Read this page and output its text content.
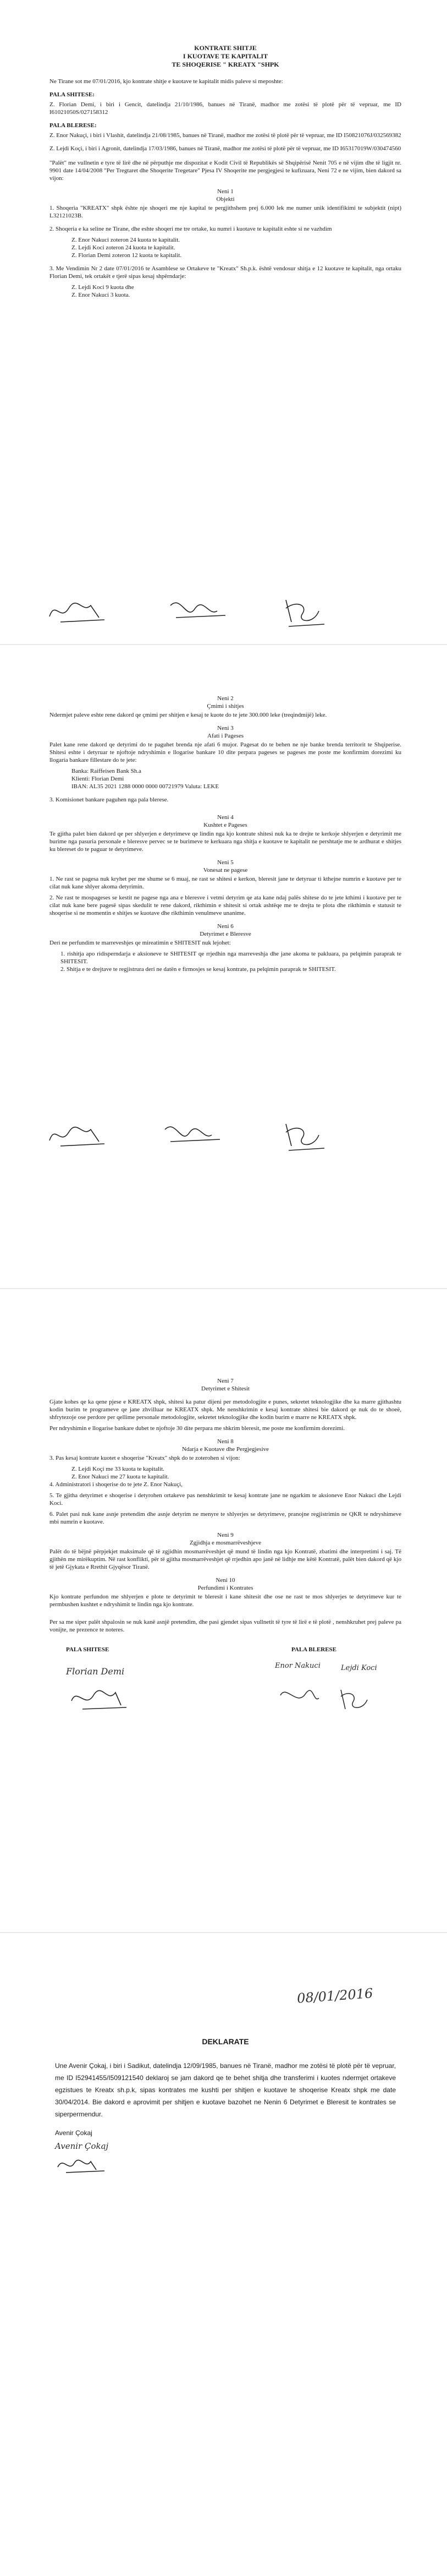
KONTRATE SHITJE
I KUOTAVE TE KAPITALIT
TE SHOQERISE " KREATX "SHPK

Ne Tirane sot me 07/01/2016, kjo kontrate shitje e kuotave te kapitalit midis paleve si meposhte:

PALA SHITESE:

Z. Florian Demi, i biri i Gencit, datelindja 21/10/1986, banues në Tiranë, madhor me zotësi të plotë për të vepruar, me ID I61021050S/027158312

PALA BLERESE:

Z. Enor Nakuçi, i biri i Vlashit, datelindja 21/08/1985, banues në Tiranë, madhor me zotësi të plotë për të vepruar, me ID I50821076J/032569382

Z. Lejdi Koçi, i biri i Agronit, datelindja 17/03/1986, banues në Tiranë, madhor me zotësi të plotë për të vepruar, me ID I65317019W/030474560

"Palët" me vullnetin e tyre të lirë dhe në përputhje me dispozitat e Kodit Civil të Republikës së Shqipërisë Nenit 705 e në vijim dhe të ligjit nr. 9901 date 14/04/2008 "Per Tregtaret dhe Shoqerite Tregetare" Pjesa IV Shoqerite me pergjegjesi te kufizuara, Neni 72 e ne vijim, bien dakord sa vijon:

Neni 1
Objekti

1. Shoqeria "KREATX" shpk ёshte nje shoqeri me nje kapital te pergjithshem prej 6.000 lek me numer unik identifikimi te subjektit (nipt) L32121023B.

2. Shoqeria e ka seline ne Tirane, dhe eshte shoqeri me tre ortake, ku numri i kuotave te kapitalit eshte si ne vazhdim

Z. Enor Nakuci zoteron 24 kuota te kapitalit.
Z. Lejdi Koci zoteron 24 kuota te kapitalit.
Z. Florian Demi zoteron 12 kuota te kapitalit.

3. Me Vendimin Nr 2 date 07/01/2016 te Asamblese se Ortakeve te "Kreatx" Sh.p.k. është vendosur shitja e 12 kuotave te kapitalit, nga ortaku Florian Demi, tek ortakët e tjerë sipas kesaj shpërndarje:

Z. Lejdi Koci 9 kuota dhe
Z. Enor Nakuci 3 kuota.
Neni 2
Çmimi i shitjes

Ndermjet paleve eshte rene dakord qe çmimi per shitjen e kesaj te kuote do te jete 300.000 leke (treqindmijë) leke.

Neni 3
Afati i Pageses

Palet kane rene dakord qe detyrimi do te paguhet brenda nje afati 6 mujor. Pagesat do te behen ne nje banke brenda territorit te Shqiperise. Shitesi eshte i detyruar te njoftoje ndryshimin e llogarise bankare 10 dite perpara pageses se pageses me poste me konfirmim dorezimi ku llogaria bankare fillestare do te jete:

Banka: Raiffeisen Bank Sh.a
Klienti: Florian Demi
IBAN: AL35 2021 1288 0000 0000 00721979 Valuta: LEKE

3. Komisionet bankare paguhen nga pala blerese.

Neni 4
Kushtet e Pageses

Te gjitha palet bien dakord qe per shlyerjen e detyrimeve qe lindin nga kjo kontrate shitesi nuk ka te drejte te kerkoje shlyerjen e detyrimit me burime nga pasuria personale e bleresve pervec se te burimeve te kerkuara nga shitja e kuotave te kapitalit ne pershtatje me te ardhurat e shitjes ku blereset do te paguar te detyrimeve.

Neni 5
Vonesat ne pagese

1. Ne rast se pagesa nuk kryhet per me shume se 6 muaj, ne rast se shitesi e kerkon, bleresit jane te detyruar ti kthejne numrin e kuotave per te cilat nuk kane shlyer akoma detyrimin.

2. Ne rast te mospageses se kestit ne pagese nga ana e bleresve i vetmi detyrim qe ata kane ndaj palës shitese do te jete kthimi i kuotave per te cilat nuk kane bere pagesë sipas skedulit te rene dakord, rikthimin e shitesit si ortak ashtëqe me te drejta te plota dhe rikthimin e statusit te shoqerise si ne momentin e shitjes se kuotave dhe rikthimin venulmeve unanime.

Neni 6
Detyrimet e Bleresve

Deri ne perfundim te marreveshjes qe mireatimin e SHITESIT nuk lejohet:

1. rishitja apo ridisperndarja e aksioneve te SHITESIT qe rrjedhin nga marreveshja dhe jane akoma te pakluara, pa pelqimin paraprak te SHITESIT.
2. Shitja e te drejtave te regjistrura deri ne datën e firmosjes se kesaj kontrate, pa pelqimin paraprak te SHITESIT.
Neni 7
Detyrimet e Shitesit

Gjate kohes qe ka qene pjese e KREATX shpk, shitesi ka patur dijeni per metodologjite e punes, sekretet teknologjike dhe ka marre gjithashtu kodin burim te programeve qe jane zhvilluar ne KREATX shpk. Me nenshkrimin e kesaj kontrate shitesi bie dakord qe nuk do te shoeë, shfrytezoje ose perdore per qellime personale metodologjite, sekretet teknologjike dhe kodin burim e marre ne KREATX shpk.

Per ndryshimin e llogarise bankare dubet te njoftoje 30 dite perpara me shkrim bleresit, me poste me konfirmim dorezimi.

Neni 8
Ndarja e Kuotave dhe Pergjegjesive

3. Pas kesaj kontrate kuotet e shoqerise "Kreatx" shpk do te zoterohen si vijon:

Z. Lejdi Koçi me 33 kuota te kapitalit.
Z. Enor Nakuci me 27 kuota te kapitalit.

4. Administratori i shoqerise do te jete Z. Enor Nakuçi,

5. Te gjitha detyrimet e shoqerise i detyrohen ortakeve pas nenshkrimit te kesaj kontrate jane ne ngarkim te aksioneve Enor Nakuci dhe Lejdi Koci.

6. Palet pasi nuk kane asnje pretendim dhe asnje detyrim ne menyre te shlyerjes se detyrimeve, pranojne regjistrimin ne QKR te ndryshimeve mbi numrin e kuotave.

Neni 9
Zgjidhja e mosmarrëveshjeve

Palët do të bëjnë përpjekjet maksimale që të zgjidhin mosmarrëveshjet që mund të lindin nga kjo Kontratë, zbatimi dhe interpretimi i saj. Të gjithën me mirëkuptim. Në rast konflikti, për të gjitha mosmarrëveshjet që rrjedhin apo janë në lidhje me këtë Kontratë, palët bien dakord që kjo të jetë Gjykata e Rrethit Gjyqësor Tiranë.

Neni 10
Perfundimi i Kontrates

Kjo kontrate perfundon me shlyerjen e plote te detyrimit te bleresit i kane shitesit dhe ose ne rast te mos shlyerjes te detyrimeve kur te permbushen kushtet e ndryshimit te lindin nga kjo kontrate.

Per sa me siper palët shpalosin se nuk kanë asnjë pretendim, dhe pasi gjendet sipas vullnetit të tyre të lirë e të plotë , nenshkruhet prej paleve pa vonijte, ne prezence te noteres.

PALA SHITESE	PALA BLERESE
Florian Demi
Enor Nakuci	Lejdi Koci
08/01/2016
DEKLARATE

Une Avenir Çokaj, i biri i Sadikut, datelindja 12/09/1985, banues në Tiranë, madhor me zotësi të plotë për të vepruar, me ID I52941455/I509121540 deklaroj se jam dakord qe te behet shitja dhe transferimi i kuotes ndermjet ortakeve egzistues te Kreatx sh.p.k, sipas kontrates me kushti per shitjen e kuotave te shoqerise Kreatx shpk me date 30/04/2014. Bie dakord e aprovimit per shitjen e kuotave bazohet ne Nenin 6 Detyrimet e Bleresit te kontrates se siperpermendur.

Avenir Çokaj
Avenir Çokaj
